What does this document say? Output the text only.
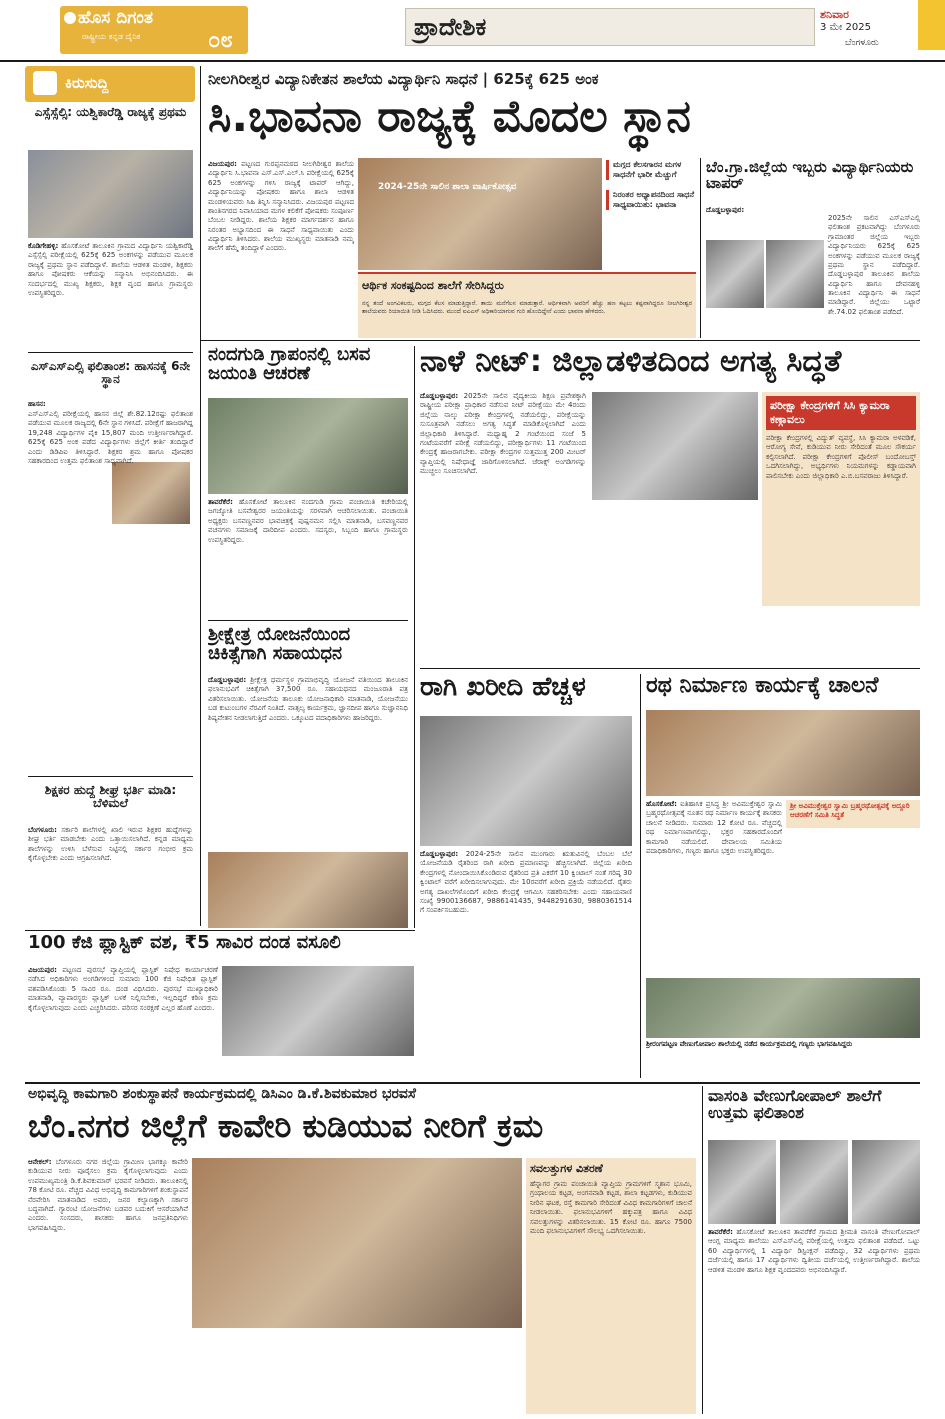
ಹೊಸ ದಿಗಂತ
ರಾಷ್ಟ್ರೀಯ ಕನ್ನಡ ದೈನಿಕ	೦೮	ಪ್ರಾದೇಶಿಕ	ಶನಿವಾರ
3 ಮೇ 2025
ಬೆಂಗಳೂರು
ಕಿರುಸುದ್ದಿ
ಎಸ್ಸೆಸ್ಸೆಲ್ಸಿ: ಯಶ್ವಿಕಾರೆಡ್ಡಿ ರಾಜ್ಯಕ್ಕೆ ಪ್ರಥಮ
ಕೊಡಿಗೇಹಳ್ಳಿ: ಹೊಸಕೋಟೆ ತಾಲೂಕಿನ ಗ್ರಾಮದ ವಿದ್ಯಾರ್ಥಿನಿ ಯಶ್ವಿಕಾರೆಡ್ಡಿ ಎಸ್ಸೆಸ್ಸೆಲ್ಸಿ ಪರೀಕ್ಷೆಯಲ್ಲಿ 625ಕ್ಕೆ 625 ಅಂಕಗಳನ್ನು ಪಡೆಯುವ ಮೂಲಕ ರಾಜ್ಯಕ್ಕೆ ಪ್ರಥಮ ಸ್ಥಾನ ಪಡೆದಿದ್ದಾಳೆ. ಶಾಲೆಯ ಆಡಳಿತ ಮಂಡಳಿ, ಶಿಕ್ಷಕರು ಹಾಗೂ ಪೋಷಕರು ಆಕೆಯನ್ನು ಸನ್ಮಾನಿಸಿ ಅಭಿನಂದಿಸಿದರು. ಈ ಸಂದರ್ಭದಲ್ಲಿ ಮುಖ್ಯ ಶಿಕ್ಷಕರು, ಶಿಕ್ಷಕ ವೃಂದ ಹಾಗೂ ಗ್ರಾಮಸ್ಥರು ಉಪಸ್ಥಿತರಿದ್ದರು.
ಎಸ್ಎಸ್ಎಲ್ಸಿ ಫಲಿತಾಂಶ: ಹಾಸನಕ್ಕೆ 6ನೇ ಸ್ಥಾನ
ಹಾಸನ:
ಎಸ್ಎಸ್ಎಲ್ಸಿ ಪರೀಕ್ಷೆಯಲ್ಲಿ ಹಾಸನ ಜಿಲ್ಲೆ ಶೇ.82.12ರಷ್ಟು ಫಲಿತಾಂಶ ಪಡೆಯುವ ಮೂಲಕ ರಾಜ್ಯದಲ್ಲಿ 6ನೇ ಸ್ಥಾನ ಗಳಿಸಿದೆ. ಪರೀಕ್ಷೆಗೆ ಹಾಜರಾಗಿದ್ದ 19,248 ವಿದ್ಯಾರ್ಥಿಗಳ ಪೈಕಿ 15,807 ಮಂದಿ ಉತ್ತೀರ್ಣರಾಗಿದ್ದಾರೆ. 625ಕ್ಕೆ 625 ಅಂಕ ಪಡೆದ ವಿದ್ಯಾರ್ಥಿಗಳು ಜಿಲ್ಲೆಗೆ ಕೀರ್ತಿ ತಂದಿದ್ದಾರೆ ಎಂದು ಡಿಡಿಪಿಐ ತಿಳಿಸಿದ್ದಾರೆ. ಶಿಕ್ಷಕರ ಶ್ರಮ ಹಾಗೂ ಪೋಷಕರ ಸಹಕಾರದಿಂದ ಉತ್ತಮ ಫಲಿತಾಂಶ ಸಾಧ್ಯವಾಗಿದೆ.
ಶಿಕ್ಷಕರ ಹುದ್ದೆ ಶೀಘ್ರ ಭರ್ತಿ ಮಾಡಿ: ಬೆಳಿಮಲೆ
ಬೆಂಗಳೂರು: ಸರ್ಕಾರಿ ಶಾಲೆಗಳಲ್ಲಿ ಖಾಲಿ ಇರುವ ಶಿಕ್ಷಕರ ಹುದ್ದೆಗಳನ್ನು ಶೀಘ್ರ ಭರ್ತಿ ಮಾಡಬೇಕು ಎಂದು ಒತ್ತಾಯಿಸಲಾಗಿದೆ. ಕನ್ನಡ ಮಾಧ್ಯಮ ಶಾಲೆಗಳನ್ನು ಉಳಿಸಿ ಬೆಳೆಸುವ ನಿಟ್ಟಿನಲ್ಲಿ ಸರ್ಕಾರ ಗಂಭೀರ ಕ್ರಮ ಕೈಗೊಳ್ಳಬೇಕು ಎಂದು ಆಗ್ರಹಿಸಲಾಗಿದೆ.
ನೀಲಗಿರೀಶ್ವರ ವಿದ್ಯಾನಿಕೇತನ ಶಾಲೆಯ ವಿದ್ಯಾರ್ಥಿನಿ ಸಾಧನೆ | 625ಕ್ಕೆ 625 ಅಂಕ
ಸಿ.ಭಾವನಾ ರಾಜ್ಯಕ್ಕೆ ಮೊದಲ ಸ್ಥಾನ
ವಿಜಯಪುರ: ಪಟ್ಟಣದ ಗುರಪ್ಪನಮಠದ ನೀಲಗಿರೀಶ್ವರ ಶಾಲೆಯ ವಿದ್ಯಾರ್ಥಿನಿ ಸಿ.ಭಾವನಾ ಎಸ್.ಎಸ್.ಎಲ್.ಸಿ ಪರೀಕ್ಷೆಯಲ್ಲಿ 625ಕ್ಕೆ 625 ಅಂಕಗಳನ್ನು ಗಳಿಸಿ ರಾಜ್ಯಕ್ಕೆ ಟಾಪರ್ ಆಗಿದ್ದು, ವಿದ್ಯಾರ್ಥಿನಿಯನ್ನು ಪೋಷಕರು ಹಾಗೂ ಶಾಲಾ ಆಡಳಿತ ಮಂಡಳಿಯವರು ಸಿಹಿ ತಿನ್ನಿಸಿ ಸನ್ಮಾನಿಸಿದರು. ವಿಜಯಪುರ ಪಟ್ಟಣದ ಶಾಂತಿನಗರದ ನಿವಾಸಿಯಾದ ಮಗಳ ಕಲಿಕೆಗೆ ಪೋಷಕರು ಸಂಪೂರ್ಣ ಬೆಂಬಲ ನೀಡಿದ್ದರು. ಶಾಲೆಯ ಶಿಕ್ಷಕರ ಮಾರ್ಗದರ್ಶನ ಹಾಗೂ ನಿರಂತರ ಅಭ್ಯಾಸದಿಂದ ಈ ಸಾಧನೆ ಸಾಧ್ಯವಾಯಿತು ಎಂದು ವಿದ್ಯಾರ್ಥಿನಿ ತಿಳಿಸಿದರು. ಶಾಲೆಯ ಮುಖ್ಯಸ್ಥರು ಮಾತನಾಡಿ ನಮ್ಮ ಶಾಲೆಗೆ ಹೆಮ್ಮೆ ತಂದಿದ್ದಾಳೆ ಎಂದರು.
2024-25ನೇ ಸಾಲಿನ ಶಾಲಾ ವಾರ್ಷಿಕೋತ್ಸವ
ಮಗ್ಗದ ಕೆಲಸಗಾರನ ಮಗಳ ಸಾಧನೆಗೆ ಭಾರೀ ಮೆಚ್ಚುಗೆ
ನಿರಂತರ ಅಧ್ಯಾಪನದಿಂದ ಸಾಧನೆ ಸಾಧ್ಯವಾಯಿತು: ಭಾವನಾ
ಆರ್ಥಿಕ ಸಂಕಷ್ಟದಿಂದ ಶಾಲೆಗೆ ಸೇರಿಸಿದ್ದರು
ನನ್ನ ತಂದೆ ಅಂಗವಿಕಲರು, ಮಗ್ಗದ ಕೆಲಸ ಮಾಡುತ್ತಿದ್ದಾರೆ. ತಾಯಿ ಮನೆಗೆಲಸ ಮಾಡುತ್ತಾರೆ. ಆರ್ಥಿಕವಾಗಿ ಅವರಿಗೆ ಹೆಚ್ಚು ಹಣ ಕಟ್ಟಲು ಕಷ್ಟವಾಗಿದ್ದರೂ ನೀಲಗಿರೀಶ್ವರ ಶಾಲೆಯವರು ರಿಯಾಯಿತಿ ನೀಡಿ ಓದಿಸಿದರು. ಮುಂದೆ ಐಎಎಸ್ ಅಧಿಕಾರಿಯಾಗುವ ಗುರಿ ಹೊಂದಿದ್ದೇನೆ ಎಂದು ಭಾವನಾ ಹೇಳಿದರು.
ಬೆಂ.ಗ್ರಾ.ಜಿಲ್ಲೆಯ ಇಬ್ಬರು ವಿದ್ಯಾರ್ಥಿನಿಯರು ಟಾಪರ್
ದೊಡ್ಡಬಳ್ಳಾಪುರ:
2025ನೇ ಸಾಲಿನ ಎಸ್ಎಸ್ಎಲ್ಸಿ ಫಲಿತಾಂಶ ಪ್ರಕಟವಾಗಿದ್ದು ಬೆಂಗಳೂರು ಗ್ರಾಮಾಂತರ ಜಿಲ್ಲೆಯ ಇಬ್ಬರು ವಿದ್ಯಾರ್ಥಿನಿಯರು 625ಕ್ಕೆ 625 ಅಂಕಗಳನ್ನು ಪಡೆಯುವ ಮೂಲಕ ರಾಜ್ಯಕ್ಕೆ ಪ್ರಥಮ ಸ್ಥಾನ ಪಡೆದಿದ್ದಾರೆ. ದೊಡ್ಡಬಳ್ಳಾಪುರ ತಾಲೂಕಿನ ಶಾಲೆಯ ವಿದ್ಯಾರ್ಥಿನಿ ಹಾಗೂ ದೇವನಹಳ್ಳಿ ತಾಲೂಕಿನ ವಿದ್ಯಾರ್ಥಿನಿ ಈ ಸಾಧನೆ ಮಾಡಿದ್ದಾರೆ. ಜಿಲ್ಲೆಯು ಒಟ್ಟಾರೆ ಶೇ.74.02 ಫಲಿತಾಂಶ ಪಡೆದಿದೆ.
ನಂದಗುಡಿ ಗ್ರಾಪಂನಲ್ಲಿ ಬಸವ ಜಯಂತಿ ಆಚರಣೆ
ತಾವರೆಕೆರೆ: ಹೊಸಕೋಟೆ ತಾಲೂಕಿನ ನಂದಗುಡಿ ಗ್ರಾಮ ಪಂಚಾಯಿತಿ ಕಚೇರಿಯಲ್ಲಿ ಜಗಜ್ಯೋತಿ ಬಸವೇಶ್ವರರ ಜಯಂತಿಯನ್ನು ಸರಳವಾಗಿ ಆಚರಿಸಲಾಯಿತು. ಪಂಚಾಯಿತಿ ಅಧ್ಯಕ್ಷರು ಬಸವಣ್ಣನವರ ಭಾವಚಿತ್ರಕ್ಕೆ ಪುಷ್ಪನಮನ ಸಲ್ಲಿಸಿ ಮಾತನಾಡಿ, ಬಸವಣ್ಣನವರ ವಚನಗಳು ಸಮಾಜಕ್ಕೆ ದಾರಿದೀಪ ಎಂದರು. ಸದಸ್ಯರು, ಸಿಬ್ಬಂದಿ ಹಾಗೂ ಗ್ರಾಮಸ್ಥರು ಉಪಸ್ಥಿತರಿದ್ದರು.
ಶ್ರೀಕ್ಷೇತ್ರ ಯೋಜನೆಯಿಂದ ಚಿಕಿತ್ಸೆಗಾಗಿ ಸಹಾಯಧನ
ದೊಡ್ಡಬಳ್ಳಾಪುರ: ಶ್ರೀಕ್ಷೇತ್ರ ಧರ್ಮಸ್ಥಳ ಗ್ರಾಮಾಭಿವೃದ್ಧಿ ಯೋಜನೆ ವತಿಯಿಂದ ತಾಲೂಕಿನ ಫಲಾನುಭವಿಗೆ ಚಿಕಿತ್ಸೆಗಾಗಿ 37,500 ರೂ. ಸಹಾಯಧನದ ಮಂಜೂರಾತಿ ಪತ್ರ ವಿತರಿಸಲಾಯಿತು. ಯೋಜನೆಯ ತಾಲೂಕು ಯೋಜನಾಧಿಕಾರಿ ಮಾತನಾಡಿ, ಯೋಜನೆಯು ಬಡ ಕುಟುಂಬಗಳ ನೆರವಿಗೆ ನಿಂತಿದೆ. ವಾತ್ಸಲ್ಯ ಕಾರ್ಯಕ್ರಮ, ಜ್ಞಾನದೀಪ ಹಾಗೂ ಸುಜ್ಞಾನನಿಧಿ ಶಿಷ್ಯವೇತನ ನೀಡಲಾಗುತ್ತಿದೆ ಎಂದರು. ಒಕ್ಕೂಟದ ಪದಾಧಿಕಾರಿಗಳು ಹಾಜರಿದ್ದರು.
ನಾಳೆ ನೀಟ್: ಜಿಲ್ಲಾಡಳಿತದಿಂದ ಅಗತ್ಯ ಸಿದ್ಧತೆ
ದೊಡ್ಡಬಳ್ಳಾಪುರ: 2025ನೇ ಸಾಲಿನ ವೈದ್ಯಕೀಯ ಶಿಕ್ಷಣ ಪ್ರವೇಶಕ್ಕಾಗಿ ರಾಷ್ಟ್ರೀಯ ಪರೀಕ್ಷಾ ಪ್ರಾಧಿಕಾರ ನಡೆಸುವ ನೀಟ್ ಪರೀಕ್ಷೆಯು ಮೇ 4ರಂದು ಜಿಲ್ಲೆಯ ನಾಲ್ಕು ಪರೀಕ್ಷಾ ಕೇಂದ್ರಗಳಲ್ಲಿ ನಡೆಯಲಿದ್ದು, ಪರೀಕ್ಷೆಯನ್ನು ಸುಸೂತ್ರವಾಗಿ ನಡೆಸಲು ಅಗತ್ಯ ಸಿದ್ಧತೆ ಮಾಡಿಕೊಳ್ಳಲಾಗಿದೆ ಎಂದು ಜಿಲ್ಲಾಧಿಕಾರಿ ತಿಳಿಸಿದ್ದಾರೆ. ಮಧ್ಯಾಹ್ನ 2 ಗಂಟೆಯಿಂದ ಸಂಜೆ 5 ಗಂಟೆಯವರೆಗೆ ಪರೀಕ್ಷೆ ನಡೆಯಲಿದ್ದು, ಪರೀಕ್ಷಾರ್ಥಿಗಳು 11 ಗಂಟೆಯಿಂದ ಕೇಂದ್ರಕ್ಕೆ ಹಾಜರಾಗಬೇಕು. ಪರೀಕ್ಷಾ ಕೇಂದ್ರಗಳ ಸುತ್ತಮುತ್ತ 200 ಮೀಟರ್ ವ್ಯಾಪ್ತಿಯಲ್ಲಿ ನಿಷೇಧಾಜ್ಞೆ ಜಾರಿಗೊಳಿಸಲಾಗಿದೆ. ಜೆರಾಕ್ಸ್ ಅಂಗಡಿಗಳನ್ನು ಮುಚ್ಚಲು ಸೂಚಿಸಲಾಗಿದೆ.
ಪರೀಕ್ಷಾ ಕೇಂದ್ರಗಳಿಗೆ ಸಿಸಿ ಕ್ಯಾಮರಾ ಕಣ್ಗಾವಲು
ಪರೀಕ್ಷಾ ಕೇಂದ್ರಗಳಲ್ಲಿ ವಿದ್ಯುತ್ ವ್ಯವಸ್ಥೆ, ಸಿಸಿ ಕ್ಯಾಮರಾ ಅಳವಡಿಕೆ, ಆರೋಗ್ಯ ಸೇವೆ, ಕುಡಿಯುವ ನೀರು ಸೇರಿದಂತೆ ಮೂಲ ಸೌಕರ್ಯ ಕಲ್ಪಿಸಲಾಗಿದೆ. ಪರೀಕ್ಷಾ ಕೇಂದ್ರಗಳಿಗೆ ಪೊಲೀಸ್ ಬಂದೋಬಸ್ತ್ ಒದಗಿಸಲಾಗಿದ್ದು, ಅಭ್ಯರ್ಥಿಗಳು ನಿಯಮಗಳನ್ನು ಕಡ್ಡಾಯವಾಗಿ ಪಾಲಿಸಬೇಕು ಎಂದು ಜಿಲ್ಲಾಧಿಕಾರಿ ಎ.ಬಿ.ಬಸವರಾಜು ತಿಳಿಸಿದ್ದಾರೆ.
ರಾಗಿ ಖರೀದಿ ಹೆಚ್ಚಳ
ದೊಡ್ಡಬಳ್ಳಾಪುರ: 2024-25ನೇ ಸಾಲಿನ ಮುಂಗಾರು ಋತುವಿನಲ್ಲಿ ಬೆಂಬಲ ಬೆಲೆ ಯೋಜನೆಯಡಿ ರೈತರಿಂದ ರಾಗಿ ಖರೀದಿ ಪ್ರಮಾಣವನ್ನು ಹೆಚ್ಚಿಸಲಾಗಿದೆ. ಜಿಲ್ಲೆಯ ಖರೀದಿ ಕೇಂದ್ರಗಳಲ್ಲಿ ನೋಂದಾಯಿಸಿಕೊಂಡಿರುವ ರೈತರಿಂದ ಪ್ರತಿ ಎಕರೆಗೆ 10 ಕ್ವಿಂಟಾಲ್ ನಂತೆ ಗರಿಷ್ಠ 30 ಕ್ವಿಂಟಾಲ್ ವರೆಗೆ ಖರೀದಿಸಲಾಗುವುದು. ಮೇ 10ರವರೆಗೆ ಖರೀದಿ ಪ್ರಕ್ರಿಯೆ ನಡೆಯಲಿದೆ. ರೈತರು ಅಗತ್ಯ ದಾಖಲೆಗಳೊಂದಿಗೆ ಖರೀದಿ ಕೇಂದ್ರಕ್ಕೆ ಆಗಮಿಸಿ ಸಹಕರಿಸಬೇಕು ಎಂದು ಸಹಾಯವಾಣಿ ಸಂಖ್ಯೆ 9900136687, 9886141435, 9448291630, 9880361514 ಗೆ ಸಂಪರ್ಕಿಸಬಹುದು.
ರಥ ನಿರ್ಮಾಣ ಕಾರ್ಯಕ್ಕೆ ಚಾಲನೆ
ಹೊಸಕೋಟೆ: ಐತಿಹಾಸಿಕ ಪ್ರಸಿದ್ಧ ಶ್ರೀ ಅವಿಮುಕ್ತೇಶ್ವರ ಸ್ವಾಮಿ ಬ್ರಹ್ಮರಥೋತ್ಸವಕ್ಕೆ ನೂತನ ರಥ ನಿರ್ಮಾಣ ಕಾರ್ಯಕ್ಕೆ ಶಾಸಕರು ಚಾಲನೆ ನೀಡಿದರು. ಸುಮಾರು 12 ಕೋಟಿ ರೂ. ವೆಚ್ಚದಲ್ಲಿ ರಥ ನಿರ್ಮಾಣವಾಗಲಿದ್ದು, ಭಕ್ತರ ಸಹಕಾರದೊಂದಿಗೆ ಕಾಮಗಾರಿ ನಡೆಯಲಿದೆ. ದೇವಾಲಯ ಸಮಿತಿಯ ಪದಾಧಿಕಾರಿಗಳು, ಗಣ್ಯರು ಹಾಗೂ ಭಕ್ತರು ಉಪಸ್ಥಿತರಿದ್ದರು.
ಶ್ರೀ ಅವಿಮುಕ್ತೇಶ್ವರ ಸ್ವಾಮಿ ಬ್ರಹ್ಮರಥೋತ್ಸವಕ್ಕೆ ಅದ್ದೂರಿ ಆಚರಣೆಗೆ ಸಮಿತಿ ಸಿದ್ಧತೆ
ಶ್ರೀರಂಗಪಟ್ಟಣ ವೇಣುಗೋಪಾಲ ಶಾಲೆಯಲ್ಲಿ ನಡೆದ ಕಾರ್ಯಕ್ರಮದಲ್ಲಿ ಗಣ್ಯರು ಭಾಗವಹಿಸಿದ್ದರು
100 ಕೆಜಿ ಪ್ಲಾಸ್ಟಿಕ್ ವಶ, ₹5 ಸಾವಿರ ದಂಡ ವಸೂಲಿ
ವಿಜಯಪುರ: ಪಟ್ಟಣದ ಪುರಸಭೆ ವ್ಯಾಪ್ತಿಯಲ್ಲಿ ಪ್ಲಾಸ್ಟಿಕ್ ನಿಷೇಧ ಕಾರ್ಯಾಚರಣೆ ನಡೆಸಿದ ಅಧಿಕಾರಿಗಳು ಅಂಗಡಿಗಳಿಂದ ಸುಮಾರು 100 ಕೆಜಿ ನಿಷೇಧಿತ ಪ್ಲಾಸ್ಟಿಕ್ ವಶಪಡಿಸಿಕೊಂಡು 5 ಸಾವಿರ ರೂ. ದಂಡ ವಿಧಿಸಿದರು. ಪುರಸಭೆ ಮುಖ್ಯಾಧಿಕಾರಿ ಮಾತನಾಡಿ, ವ್ಯಾಪಾರಸ್ಥರು ಪ್ಲಾಸ್ಟಿಕ್ ಬಳಕೆ ನಿಲ್ಲಿಸಬೇಕು, ಇಲ್ಲದಿದ್ದರೆ ಕಠಿಣ ಕ್ರಮ ಕೈಗೊಳ್ಳಲಾಗುವುದು ಎಂದು ಎಚ್ಚರಿಸಿದರು. ಪರಿಸರ ಸಂರಕ್ಷಣೆ ಎಲ್ಲರ ಹೊಣೆ ಎಂದರು.
ಅಭಿವೃದ್ಧಿ ಕಾಮಗಾರಿ ಶಂಕುಸ್ಥಾಪನೆ ಕಾರ್ಯಕ್ರಮದಲ್ಲಿ ಡಿಸಿಎಂ ಡಿ.ಕೆ.ಶಿವಕುಮಾರ ಭರವಸೆ
ಬೆಂ.ನಗರ ಜಿಲ್ಲೆಗೆ ಕಾವೇರಿ ಕುಡಿಯುವ ನೀರಿಗೆ ಕ್ರಮ
ಆನೇಕಲ್: ಬೆಂಗಳೂರು ನಗರ ಜಿಲ್ಲೆಯ ಗ್ರಾಮೀಣ ಭಾಗಕ್ಕೂ ಕಾವೇರಿ ಕುಡಿಯುವ ನೀರು ಪೂರೈಸಲು ಕ್ರಮ ಕೈಗೊಳ್ಳಲಾಗುವುದು ಎಂದು ಉಪಮುಖ್ಯಮಂತ್ರಿ ಡಿ.ಕೆ.ಶಿವಕುಮಾರ್ ಭರವಸೆ ನೀಡಿದರು. ತಾಲೂಕಿನಲ್ಲಿ 78 ಕೋಟಿ ರೂ. ವೆಚ್ಚದ ವಿವಿಧ ಅಭಿವೃದ್ಧಿ ಕಾಮಗಾರಿಗಳಿಗೆ ಶಂಕುಸ್ಥಾಪನೆ ನೆರವೇರಿಸಿ ಮಾತನಾಡಿದ ಅವರು, ಜನರ ಕಲ್ಯಾಣಕ್ಕಾಗಿ ಸರ್ಕಾರ ಬದ್ಧವಾಗಿದೆ. ಗ್ಯಾರಂಟಿ ಯೋಜನೆಗಳು ಬಡವರ ಬದುಕಿಗೆ ಆಸರೆಯಾಗಿವೆ ಎಂದರು. ಸಂಸದರು, ಶಾಸಕರು ಹಾಗೂ ಜನಪ್ರತಿನಿಧಿಗಳು ಭಾಗವಹಿಸಿದ್ದರು.
ಸವಲತ್ತುಗಳ ವಿತರಣೆ
ಹೆನ್ನಾಗರ ಗ್ರಾಮ ಪಂಚಾಯಿತಿ ವ್ಯಾಪ್ತಿಯ ಗ್ರಾಮಗಳಿಗೆ ಸ್ಮಶಾನ ಭೂಮಿ, ಗ್ರಂಥಾಲಯ ಕಟ್ಟಡ, ಅಂಗನವಾಡಿ ಕಟ್ಟಡ, ಶಾಲಾ ಕಟ್ಟಡಗಳು, ಕುಡಿಯುವ ನೀರಿನ ಘಟಕ, ರಸ್ತೆ ಕಾಮಗಾರಿ ಸೇರಿದಂತೆ ವಿವಿಧ ಕಾಮಗಾರಿಗಳಿಗೆ ಚಾಲನೆ ನೀಡಲಾಯಿತು. ಫಲಾನುಭವಿಗಳಿಗೆ ಹಕ್ಕುಪತ್ರ ಹಾಗೂ ವಿವಿಧ ಸವಲತ್ತುಗಳನ್ನು ವಿತರಿಸಲಾಯಿತು. 15 ಕೋಟಿ ರೂ. ಹಾಗೂ 7500 ಮಂದಿ ಫಲಾನುಭವಿಗಳಿಗೆ ಸೌಲಭ್ಯ ಒದಗಿಸಲಾಯಿತು.
ವಾಸಂತಿ ವೇಣುಗೋಪಾಲ್ ಶಾಲೆಗೆ ಉತ್ತಮ ಫಲಿತಾಂಶ
ತಾವರೆಕೆರೆ: ಹೊಸಕೋಟೆ ತಾಲೂಕಿನ ತಾವರೆಕೆರೆ ಗ್ರಾಮದ ಶ್ರೀಮತಿ ವಾಸಂತಿ ವೇಣುಗೋಪಾಲ್ ಆಂಗ್ಲ ಮಾಧ್ಯಮ ಶಾಲೆಯು ಎಸ್ಎಸ್ಎಲ್ಸಿ ಪರೀಕ್ಷೆಯಲ್ಲಿ ಉತ್ತಮ ಫಲಿತಾಂಶ ಪಡೆದಿದೆ. ಒಟ್ಟು 60 ವಿದ್ಯಾರ್ಥಿಗಳಲ್ಲಿ 1 ವಿದ್ಯಾರ್ಥಿ ಡಿಸ್ಟಿಂಕ್ಷನ್ ಪಡೆದಿದ್ದು, 32 ವಿದ್ಯಾರ್ಥಿಗಳು ಪ್ರಥಮ ದರ್ಜೆಯಲ್ಲಿ ಹಾಗೂ 17 ವಿದ್ಯಾರ್ಥಿಗಳು ದ್ವಿತೀಯ ದರ್ಜೆಯಲ್ಲಿ ಉತ್ತೀರ್ಣರಾಗಿದ್ದಾರೆ. ಶಾಲೆಯ ಆಡಳಿತ ಮಂಡಳಿ ಹಾಗೂ ಶಿಕ್ಷಕ ವೃಂದದವರು ಅಭಿನಂದಿಸಿದ್ದಾರೆ.
